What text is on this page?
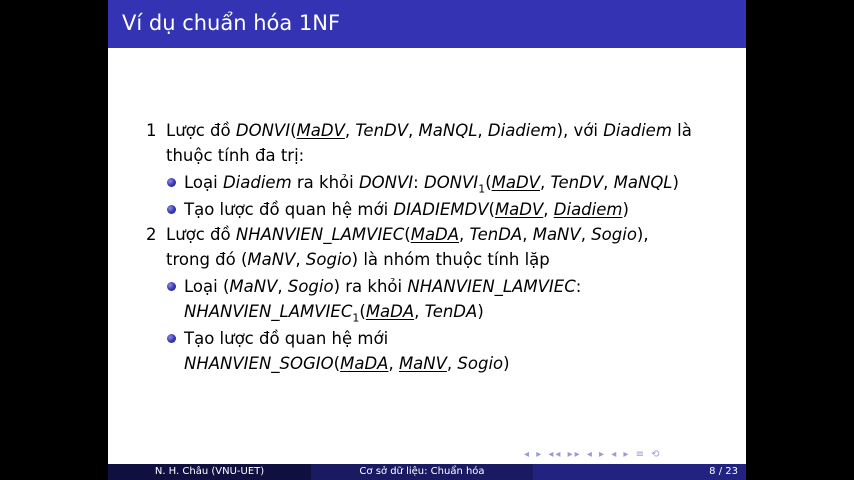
Ví dụ chuẩn hóa 1NF
1 Lược đồ DONVI(MaDV, TenDV, MaNQL, Diadiem), với Diadiem là
thuộc tính đa trị:
Loại Diadiem ra khỏi DONVI: $DONVI_1(MaDV$, TenDV, MaNQL)
Tạo lược đồ quan hệ mới DIADIEMDV(MaDV, Diadiem)
2 Lược đồ NHANVIEN_LAMVIEC(MaDA, TenDA, MaNV, Sogio),
trong đó (MaNV, Sogio) là nhóm thuộc tính lặp
Loại (MaNV, Sogio) ra khỏi NHANVIEN_LAMVIEC:
$NHANVIEN\_LAMVIEC_1(MaDA$, TenDA)
Tạo lược đồ quan hệ mới
NHANVIEN_SOGIO(MaDA, MaNV, Sogio)
◂ ▸ ◂◂ ▸▸ ◂ ▸ ◂ ▸ ≡ ⟲
N. H. Châu (VNU-UET)	Cơ sở dữ liệu: Chuẩn hóa	8 / 23
